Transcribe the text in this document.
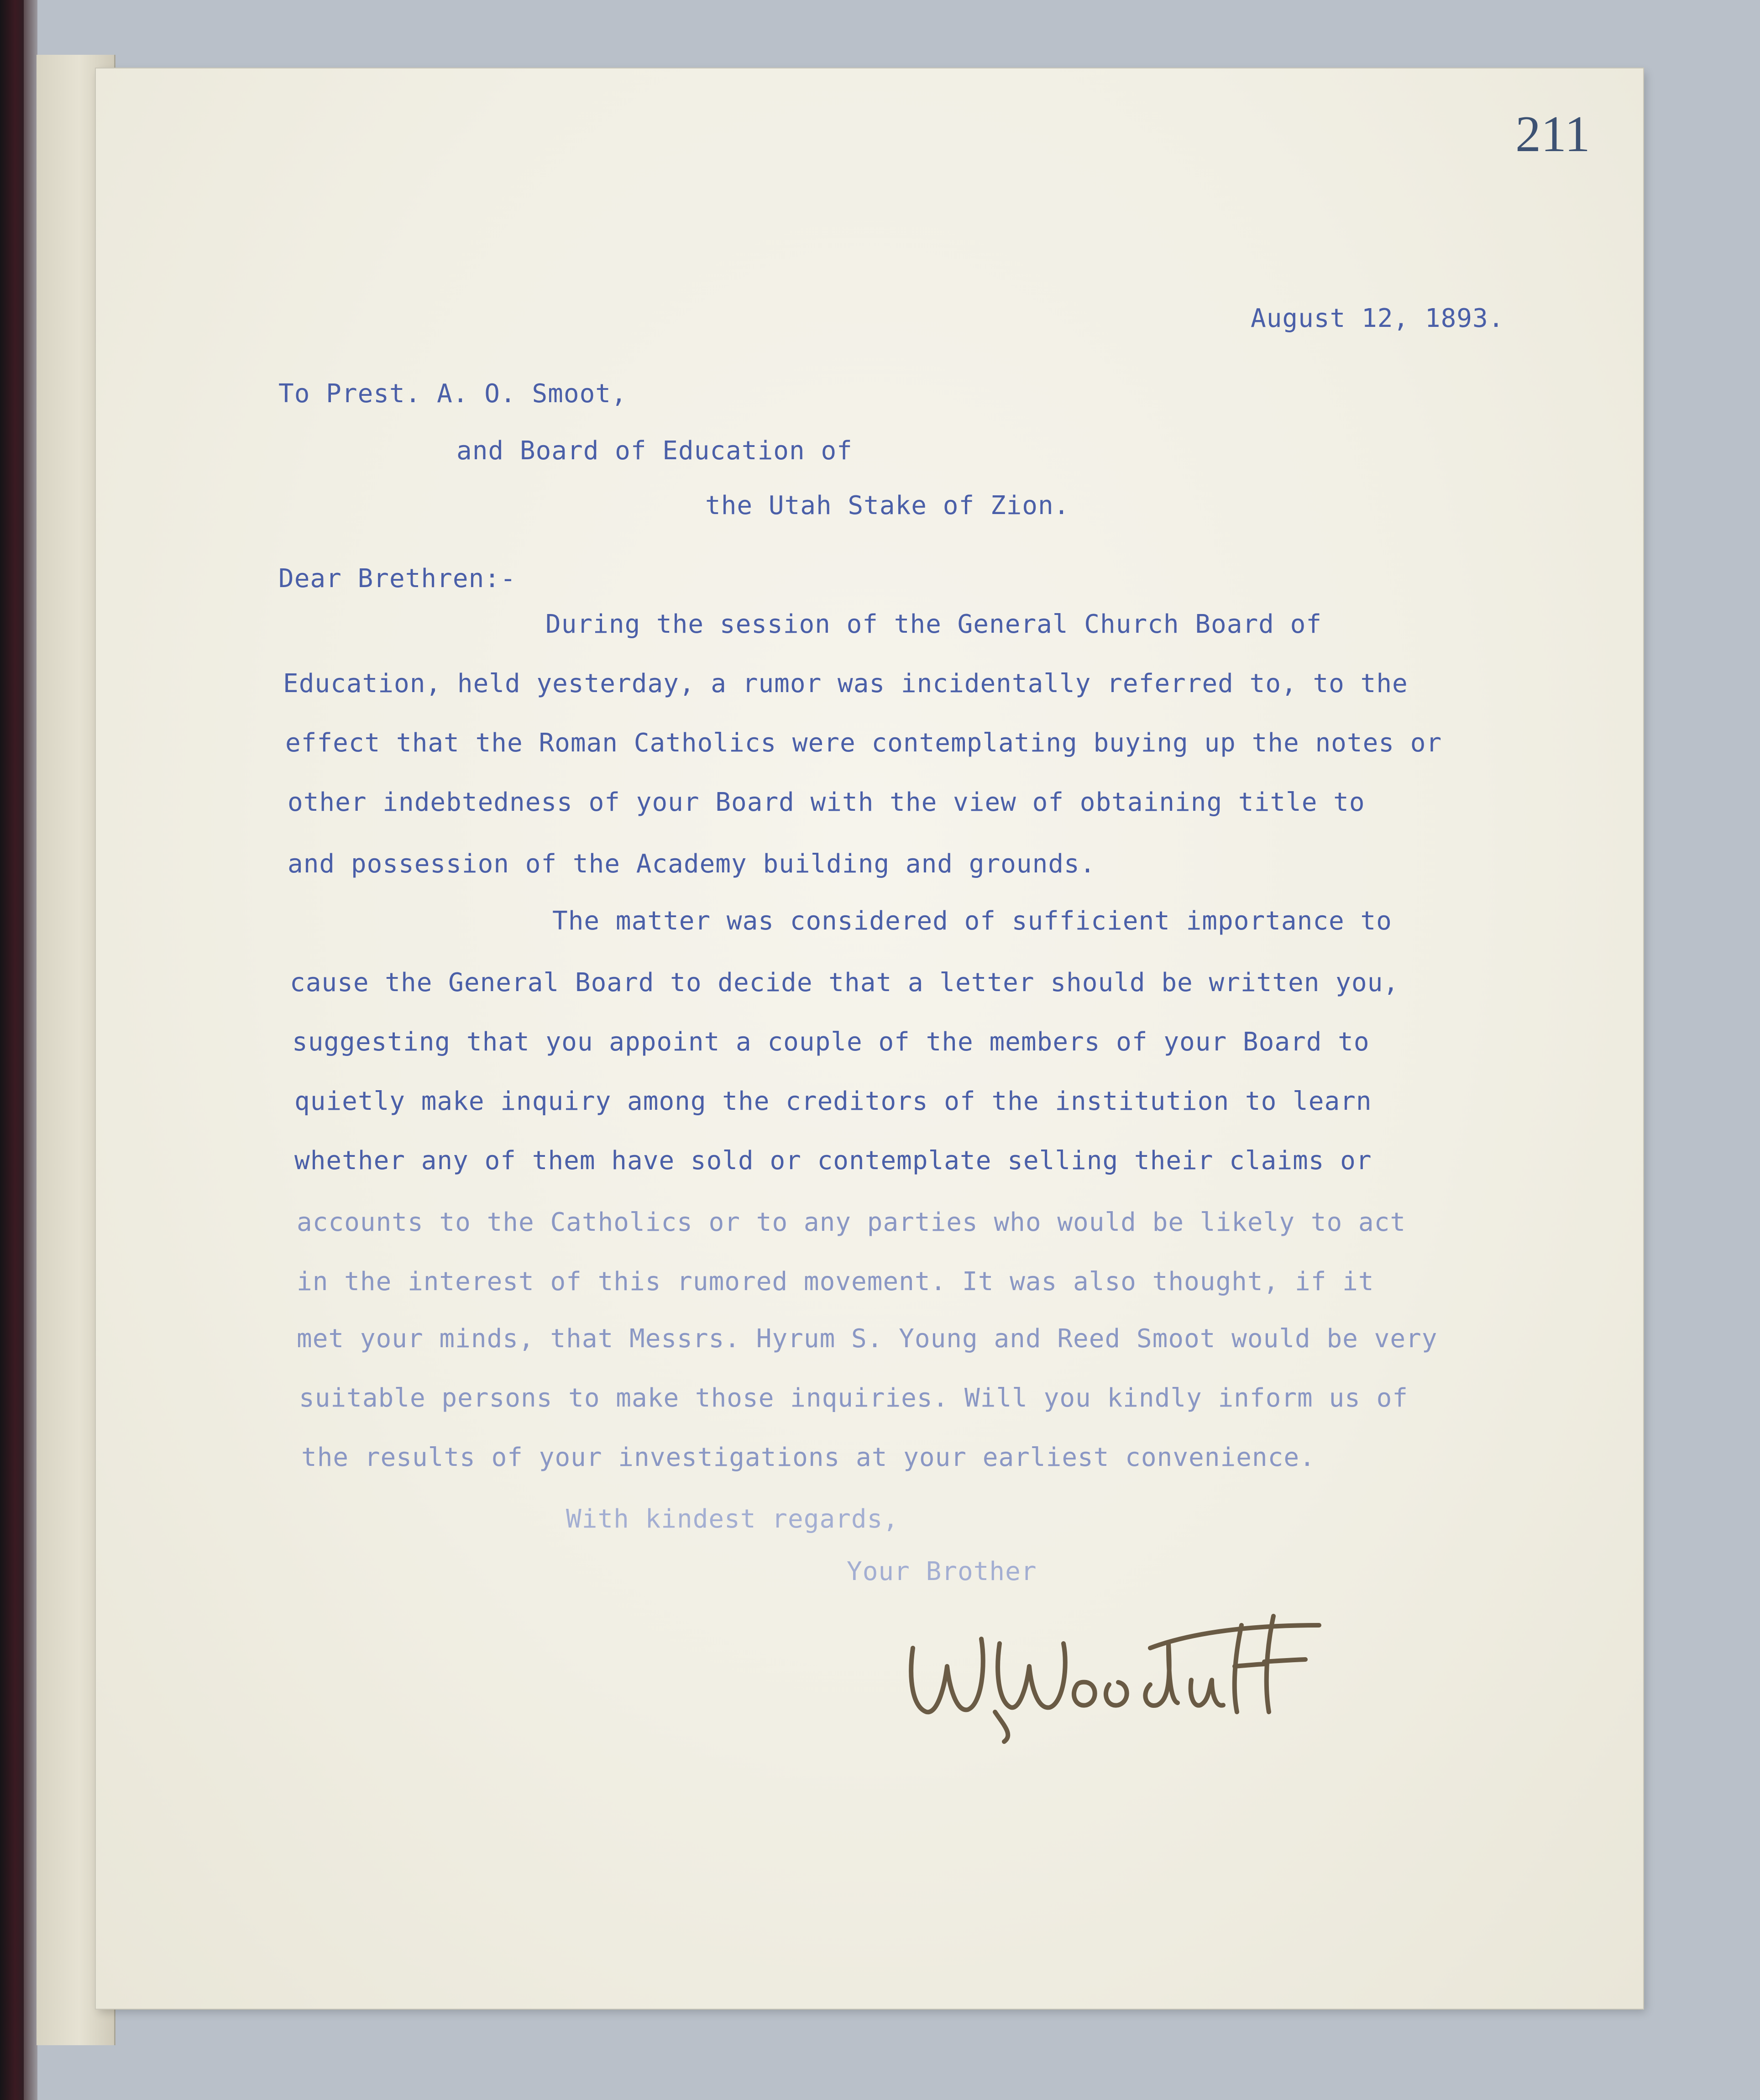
211
August 12, 1893.
To Prest. A. O. Smoot,
and Board of Education of
the Utah Stake of Zion.
Dear Brethren:-
During the session of the General Church Board of
Education, held yesterday, a rumor was incidentally referred to, to the
effect that the Roman Catholics were contemplating buying up the notes or
other indebtedness of your Board with the view of obtaining title to
and possession of the Academy building and grounds.
The matter was considered of sufficient importance to
cause the General Board to decide that a letter should be written you,
suggesting that you appoint a couple of the members of your Board to
quietly make inquiry among the creditors of the institution to learn
whether any of them have sold or contemplate selling their claims or
accounts to the Catholics or to any parties who would be likely to act
in the interest of this rumored movement. It was also thought, if it
met your minds, that Messrs. Hyrum S. Young and Reed Smoot would be very
suitable persons to make those inquiries. Will you kindly inform us of
the results of your investigations at your earliest convenience.
With kindest regards,
Your Brother
